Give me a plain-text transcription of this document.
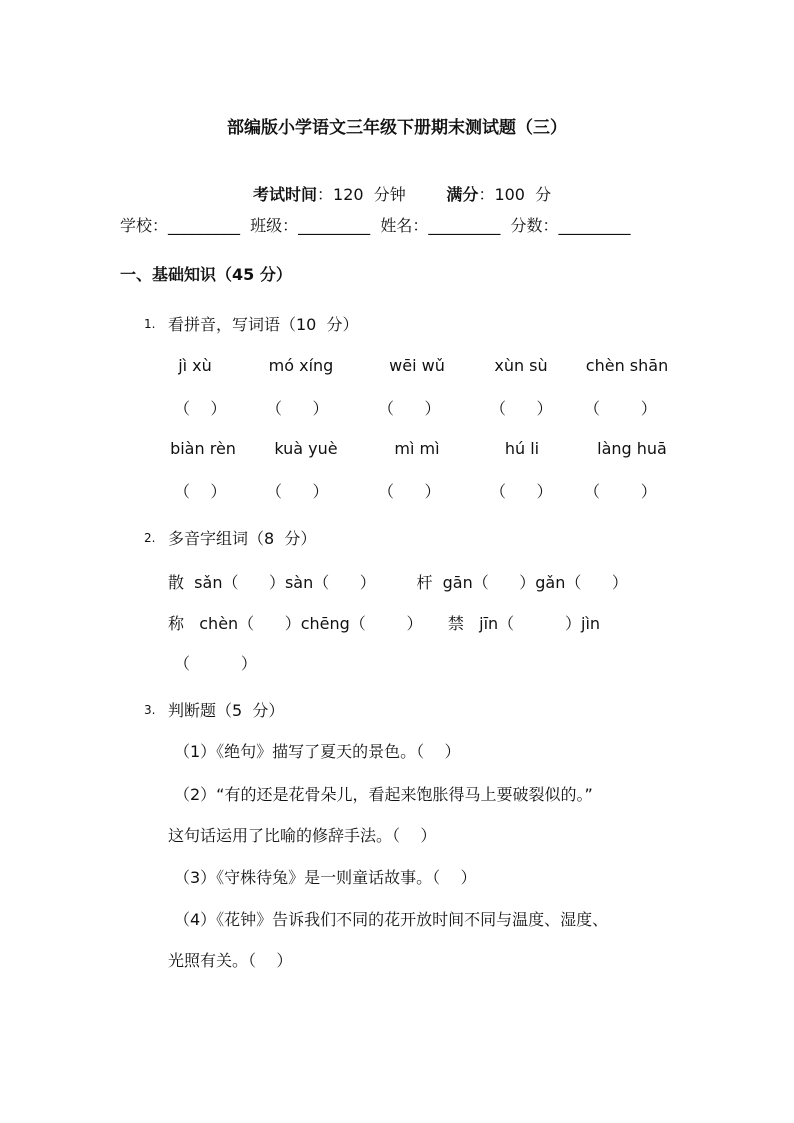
部编版小学语文三年级下册期末测试题（三）

考试时间：120  分钟	满分：100  分

学校：_________  班级：_________  姓名：_________  分数：_________
一、基础知识（45 分）
1. 看拼音，写词语（10  分）
jì xù	mó xíng	wēi wǔ	xùn sù	chèn shān
（    ） （      ）	（      ）	（      ） （        ）
biàn rèn	kuà yuè	mì mì	hú li	làng huā
（    ） （      ）	（      ）	（      ） （        ）
2. 多音字组词（8  分）
散  sǎn（      ）sàn（      ）        杆  gān（      ）gǎn（      ）
称   chèn（      ）chēng（        ）     禁   jīn（          ）jìn
（          ）
3. 判断题（5  分）
（1）《绝句》描写了夏天的景色。（    ）
（2）“有的还是花骨朵儿，看起来饱胀得马上要破裂似的。”
这句话运用了比喻的修辞手法。（    ）
（3）《守株待兔》是一则童话故事。（    ）
（4）《花钟》告诉我们不同的花开放时间不同与温度、湿度、
光照有关。（    ）
